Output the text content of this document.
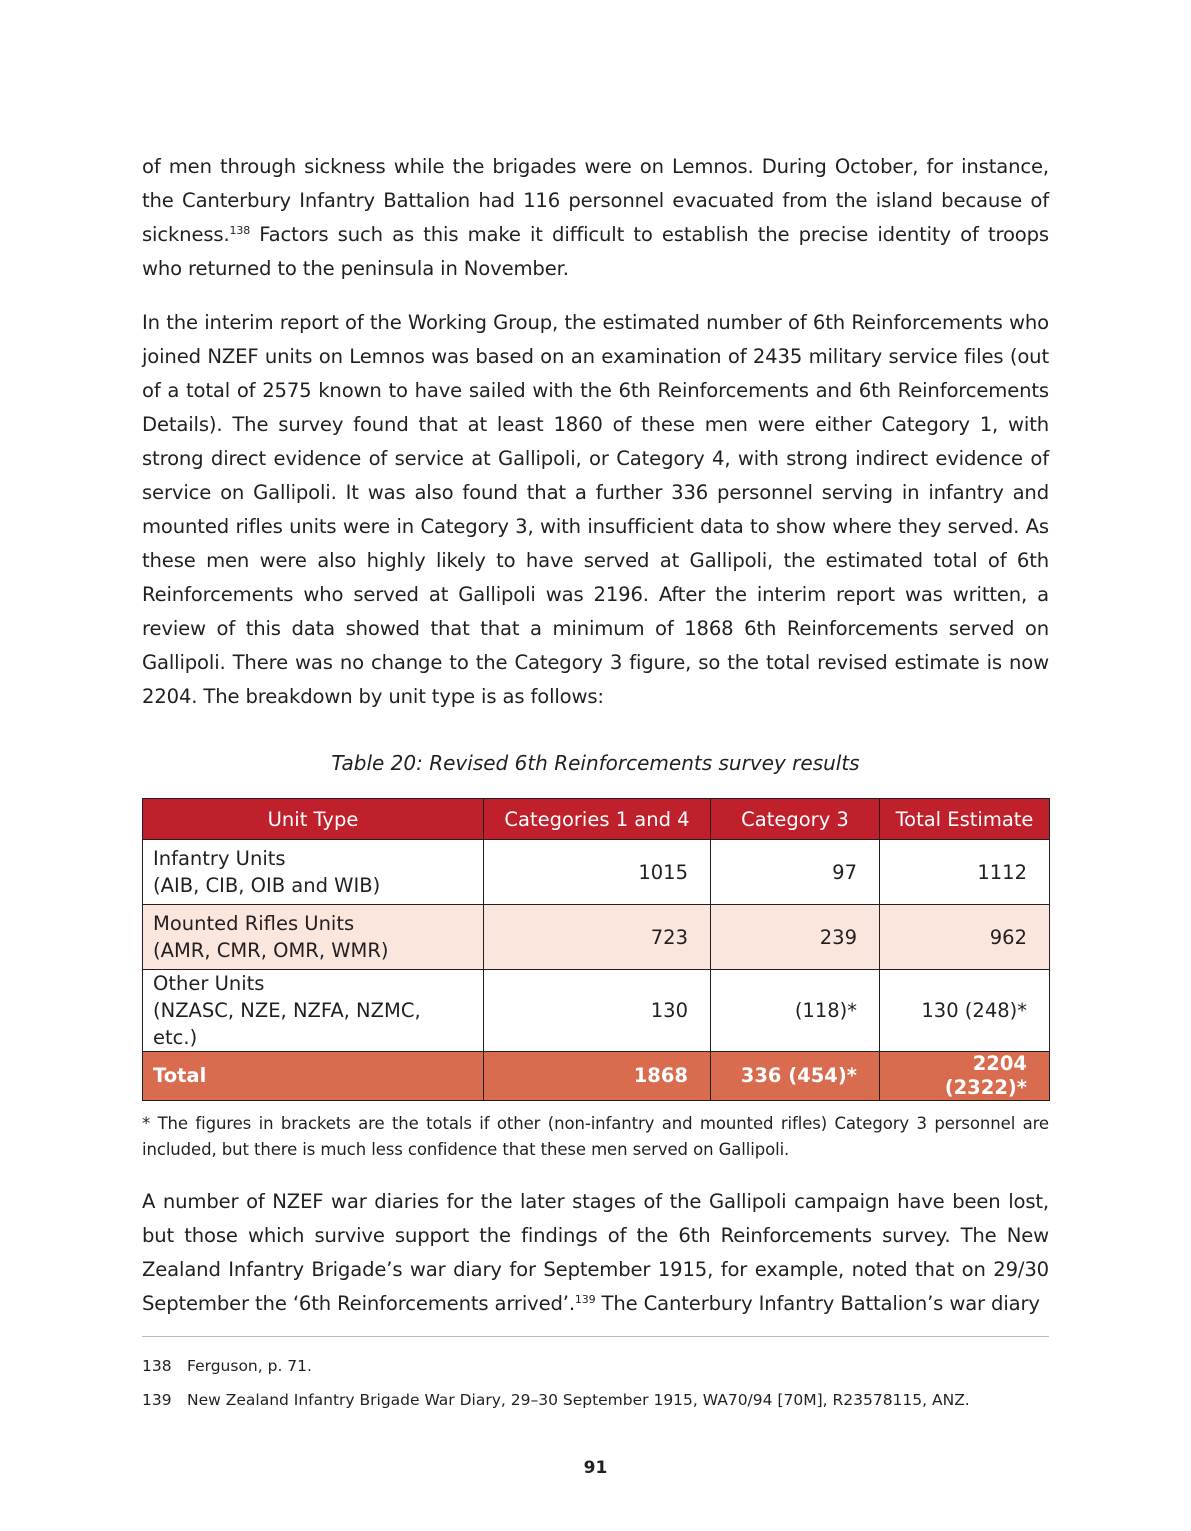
of men through sickness while the brigades were on Lemnos. During October, for instance, the Canterbury Infantry Battalion had 116 personnel evacuated from the island because of sickness.$^{138}$ Factors such as this make it difficult to establish the precise identity of troops who returned to the peninsula in November.

In the interim report of the Working Group, the estimated number of 6th Reinforcements who joined NZEF units on Lemnos was based on an examination of 2435 military service files (out of a total of 2575 known to have sailed with the 6th Reinforcements and 6th Reinforcements Details). The survey found that at least 1860 of these men were either Category 1, with strong direct evidence of service at Gallipoli, or Category 4, with strong indirect evidence of service on Gallipoli. It was also found that a further 336 personnel serving in infantry and mounted rifles units were in Category 3, with insufficient data to show where they served. As these men were also highly likely to have served at Gallipoli, the estimated total of 6th Reinforcements who served at Gallipoli was 2196. After the interim report was written, a review of this data showed that that a minimum of 1868 6th Reinforcements served on Gallipoli. There was no change to the Category 3 figure, so the total revised estimate is now 2204. The breakdown by unit type is as follows:

Table 20: Revised 6th Reinforcements survey results
Unit Type	Categories 1 and 4	Category 3	Total Estimate
Infantry Units
(AIB, CIB, OIB and WIB)	1015	97	1112
Mounted Rifles Units
(AMR, CMR, OMR, WMR)	723	239	962
Other Units
(NZASC, NZE, NZFA, NZMC, etc.)	130	(118)*	130 (248)*
Total	1868	336 (454)*	2204 (2322)*
* The figures in brackets are the totals if other (non-infantry and mounted rifles) Category 3 personnel are included, but there is much less confidence that these men served on Gallipoli.

A number of NZEF war diaries for the later stages of the Gallipoli campaign have been lost, but those which survive support the findings of the 6th Reinforcements survey. The New Zealand Infantry Brigade’s war diary for September 1915, for example, noted that on 29/30 September the ‘6th Reinforcements arrived’.$^{139}$ The Canterbury Infantry Battalion’s war diary

138 Ferguson, p. 71.
139 New Zealand Infantry Brigade War Diary, 29–30 September 1915, WA70/94 [70M], R23578115, ANZ.
91
